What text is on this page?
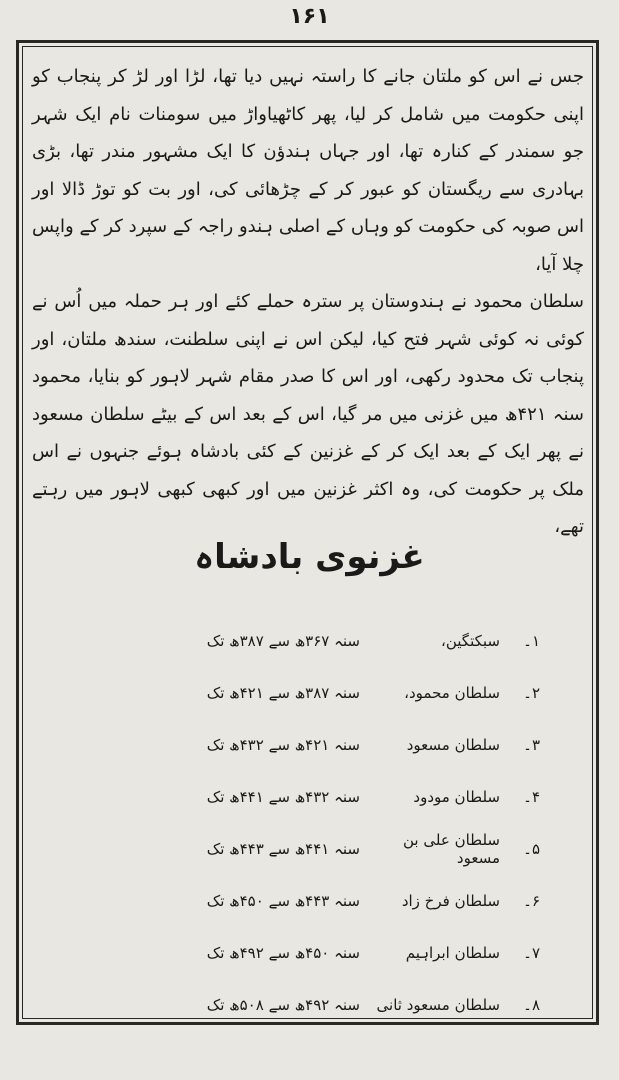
۱۶۱

جس نے اس کو ملتان جانے کا راستہ نہیں دیا تھا، لڑا اور لڑ کر پنجاب کو اپنی حکومت میں شامل کر لیا، پھر کاٹھیاواڑ میں سومنات نام ایک شہر جو سمندر کے کنارہ تھا، اور جہاں ہندؤن کا ایک مشہور مندر تھا، بڑی بہادری سے ریگستان کو عبور کر کے چڑھائی کی، اور بت کو توڑ ڈالا اور اس صوبہ کی حکومت کو وہاں کے اصلی ہندو راجہ کے سپرد کر کے واپس چلا آیا،

سلطان محمود نے ہندوستان پر سترہ حملے کئے اور ہر حملہ میں اُس نے کوئی نہ کوئی شہر فتح کیا، لیکن اس نے اپنی سلطنت، سندھ ملتان، اور پنجاب تک محدود رکھی، اور اس کا صدر مقام شہر لاہور کو بنایا، محمود سنہ ۴۲۱ھ میں غزنی میں مر گیا، اس کے بعد اس کے بیٹے سلطان مسعود نے پھر ایک کے بعد ایک کر کے غزنین کے کئی بادشاہ ہوئے جنہوں نے اس ملک پر حکومت کی، وہ اکثر غزنین میں اور کبھی کبھی لاہور میں رہتے تھے،

غزنوی بادشاہ
۱۔
سبکتگین،
سنہ ۳۶۷ھ سے ۳۸۷ھ تک
۲۔
سلطان محمود،
سنہ ۳۸۷ھ سے ۴۲۱ھ تک
۳۔
سلطان مسعود
سنہ ۴۲۱ھ سے ۴۳۲ھ تک
۴۔
سلطان مودود
سنہ ۴۳۲ھ سے ۴۴۱ھ تک
۵۔
سلطان علی بن مسعود
سنہ ۴۴۱ھ سے ۴۴۳ھ تک
۶۔
سلطان فرخ زاد
سنہ ۴۴۳ھ سے ۴۵۰ھ تک
۷۔
سلطان ابراہیم
سنہ ۴۵۰ھ سے ۴۹۲ھ تک
۸۔
سلطان مسعود ثانی
سنہ ۴۹۲ھ سے ۵۰۸ھ تک
